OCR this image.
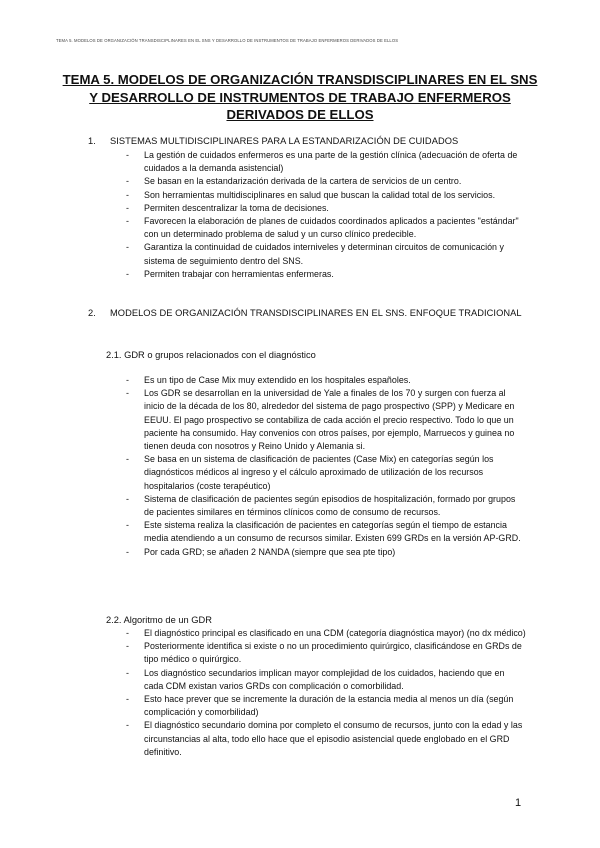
TEMA 5. MODELOS DE ORGANIZACIÓN TRANSDISCIPLINARES EN EL SNS Y DESARROLLO DE INSTRUMENTOS DE TRABAJO ENFERMEROS DERIVADOS DE ELLOS
TEMA 5. MODELOS DE ORGANIZACIÓN TRANSDISCIPLINARES EN EL SNS Y DESARROLLO DE INSTRUMENTOS DE TRABAJO ENFERMEROS DERIVADOS DE ELLOS
1. SISTEMAS MULTIDISCIPLINARES PARA LA ESTANDARIZACIÓN DE CUIDADOS
- La gestión de cuidados enfermeros es una parte de la gestión clínica (adecuación de oferta de cuidados a la demanda asistencial)
- Se basan en la estandarización derivada de la cartera de servicios de un centro.
- Son herramientas multidisciplinares en salud que buscan la calidad total de los servicios.
- Permiten descentralizar la toma de decisiones.
- Favorecen la elaboración de planes de cuidados coordinados aplicados a pacientes "estándar" con un determinado problema de salud y un curso clínico predecible.
- Garantiza la continuidad de cuidados interniveles y determinan circuitos de comunicación y sistema de seguimiento dentro del SNS.
- Permiten trabajar con herramientas enfermeras.
2. MODELOS DE ORGANIZACIÓN TRANSDISCIPLINARES EN EL SNS. ENFOQUE TRADICIONAL
2.1. GDR o grupos relacionados con el diagnóstico
- Es un tipo de Case Mix muy extendido en los hospitales españoles.
- Los GDR se desarrollan en la universidad de Yale a finales de los 70 y surgen con fuerza al inicio de la década de los 80, alrededor del sistema de pago prospectivo (SPP) y Medicare en EEUU. El pago prospectivo se contabiliza de cada acción el precio respectivo. Todo lo que un paciente ha consumido. Hay convenios con otros países, por ejemplo, Marruecos y guinea no tienen deuda con nosotros y Reino Unido y Alemania si.
- Se basa en un sistema de clasificación de pacientes (Case Mix) en categorías según los diagnósticos médicos al ingreso y el cálculo aproximado de utilización de los recursos hospitalarios (coste terapéutico)
- Sistema de clasificación de pacientes según episodios de hospitalización, formado por grupos de pacientes similares en términos clínicos como de consumo de recursos.
- Este sistema realiza la clasificación de pacientes en categorías según el tiempo de estancia media atendiendo a un consumo de recursos similar. Existen 699 GRDs en la versión AP-GRD.
- Por cada GRD; se añaden 2 NANDA (siempre que sea pte tipo)
2.2. Algoritmo de un GDR
- El diagnóstico principal es clasificado en una CDM (categoría diagnóstica mayor) (no dx médico)
- Posteriormente identifica si existe o no un procedimiento quirúrgico, clasificándose en GRDs de tipo médico o quirúrgico.
- Los diagnóstico secundarios implican mayor complejidad de los cuidados, haciendo que en cada CDM existan varios GRDs con complicación o comorbilidad.
- Esto hace prever que se incremente la duración de la estancia media al menos un día (según complicación y comorbilidad)
- El diagnóstico secundario domina por completo el consumo de recursos, junto con la edad y las circunstancias al alta, todo ello hace que el episodio asistencial quede englobado en el GRD definitivo.
1
